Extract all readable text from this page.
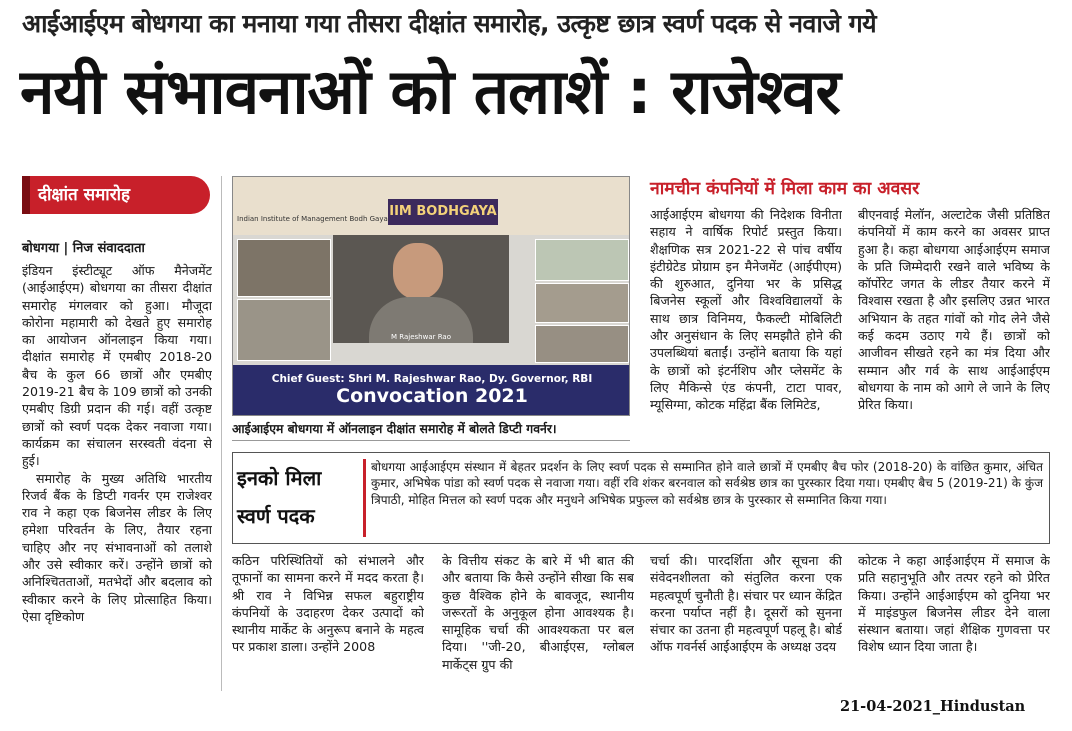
आईआईएम बोधगया का मनाया गया तीसरा दीक्षांत समारोह, उत्कृष्ट छात्र स्वर्ण पदक से नवाजे गये
नयी संभावनाओं को तलाशें : राजेश्वर
दीक्षांत समारोह
बोधगया | निज संवाददाता

इंडियन इंस्टीट्यूट ऑफ मैनेजमेंट (आईआईएम) बोधगया का तीसरा दीक्षांत समारोह मंगलवार को हुआ। मौजूदा कोरोना महामारी को देखते हुए समारोह का आयोजन ऑनलाइन किया गया। दीक्षांत समारोह में एमबीए 2018-20 बैच के कुल 66 छात्रों और एमबीए 2019-21 बैच के 109 छात्रों को उनकी एमबीए डिग्री प्रदान की गई। वहीं उत्कृष्ट छात्रों को स्वर्ण पदक देकर नवाजा गया। कार्यक्रम का संचालन सरस्वती वंदना से हुई।

समारोह के मुख्य अतिथि भारतीय रिजर्व बैंक के डिप्टी गवर्नर एम राजेश्वर राव ने कहा एक बिजनेस लीडर के लिए हमेशा परिवर्तन के लिए, तैयार रहना चाहिए और नए संभावनाओं को तलाशे और उसे स्वीकार करें। उन्होंने छात्रों को अनिश्चितताओं, मतभेदों और बदलाव को स्वीकार करने के लिए प्रोत्साहित किया। ऐसा दृष्टिकोण

Indian Institute of Management Bodh Gaya IIM BODHGAYA
M Rajeshwar Rao
Chief Guest: Shri M. Rajeshwar Rao, Dy. Governor, RBI
Convocation 2021
आईआईएम बोधगया में ऑनलाइन दीक्षांत समारोह में बोलते डिप्टी गवर्नर।
नामचीन कंपनियों में मिला काम का अवसर
आईआईएम बोधगया की निदेशक विनीता सहाय ने वार्षिक रिपोर्ट प्रस्तुत किया। शैक्षणिक सत्र 2021-22 से पांच वर्षीय इंटीग्रेटेड प्रोग्राम इन मैनेजमेंट (आईपीएम) की शुरुआत, दुनिया भर के प्रसिद्ध बिजनेस स्कूलों और विश्वविद्यालयों के साथ छात्र विनिमय, फैकल्टी मोबिलिटी और अनुसंधान के लिए समझौते होने की उपलब्धियां बताईं। उन्होंने बताया कि यहां के छात्रों को इंटर्नशिप और प्लेसमेंट के लिए मैकिन्से एंड कंपनी, टाटा पावर, म्यूसिग्मा, कोटक महिंद्रा बैंक लिमिटेड,
बीएनवाई मेलॉन, अल्टाटेक जैसी प्रतिष्ठित कंपनियों में काम करने का अवसर प्राप्त हुआ है। कहा बोधगया आईआईएम समाज के प्रति जिम्मेदारी रखने वाले भविष्य के कॉर्पोरेट जगत के लीडर तैयार करने में विश्वास रखता है और इसलिए उन्नत भारत अभियान के तहत गांवों को गोद लेने जैसे कई कदम उठाए गये हैं। छात्रों को आजीवन सीखते रहने का मंत्र दिया और सम्मान और गर्व के साथ आईआईएम बोधगया के नाम को आगे ले जाने के लिए प्रेरित किया।
इनको मिला
स्वर्ण पदक
बोधगया आईआईएम संस्थान में बेहतर प्रदर्शन के लिए स्वर्ण पदक से सम्मानित होने वाले छात्रों में एमबीए बैच फोर (2018-20) के वांछित कुमार, अंचित कुमार, अभिषेक पांडा को स्वर्ण पदक से नवाजा गया। वहीं रवि शंकर बरनवाल को सर्वश्रेष्ठ छात्र का पुरस्कार दिया गया। एमबीए बैच 5 (2019-21) के कुंज त्रिपाठी, मोहित मित्तल को स्वर्ण पदक और मनुधने अभिषेक प्रफुल्ल को सर्वश्रेष्ठ छात्र के पुरस्कार से सम्मानित किया गया।
कठिन परिस्थितियों को संभालने और तूफानों का सामना करने में मदद करता है। श्री राव ने विभिन्न सफल बहुराष्ट्रीय कंपनियों के उदाहरण देकर उत्पादों को स्थानीय मार्केट के अनुरूप बनाने के महत्व पर प्रकाश डाला। उन्होंने 2008
के वित्तीय संकट के बारे में भी बात की और बताया कि कैसे उन्होंने सीखा कि सब कुछ वैश्विक होने के बावजूद, स्थानीय जरूरतों के अनुकूल होना आवश्यक है। सामूहिक चर्चा की आवश्यकता पर बल दिया। ''जी-20, बीआईएस, ग्लोबल मार्केट्स ग्रुप की
चर्चा की। पारदर्शिता और सूचना की संवेदनशीलता को संतुलित करना एक महत्वपूर्ण चुनौती है। संचार पर ध्यान केंद्रित करना पर्याप्त नहीं है। दूसरों को सुनना संचार का उतना ही महत्वपूर्ण पहलू है। बोर्ड ऑफ गवर्नर्स आईआईएम के अध्यक्ष उदय
कोटक ने कहा आईआईएम में समाज के प्रति सहानुभूति और तत्पर रहने को प्रेरित किया। उन्होंने आईआईएम को दुनिया भर में माइंडफुल बिजनेस लीडर देने वाला संस्थान बताया। जहां शैक्षिक गुणवत्ता पर विशेष ध्यान दिया जाता है।
21-04-2021_Hindustan
